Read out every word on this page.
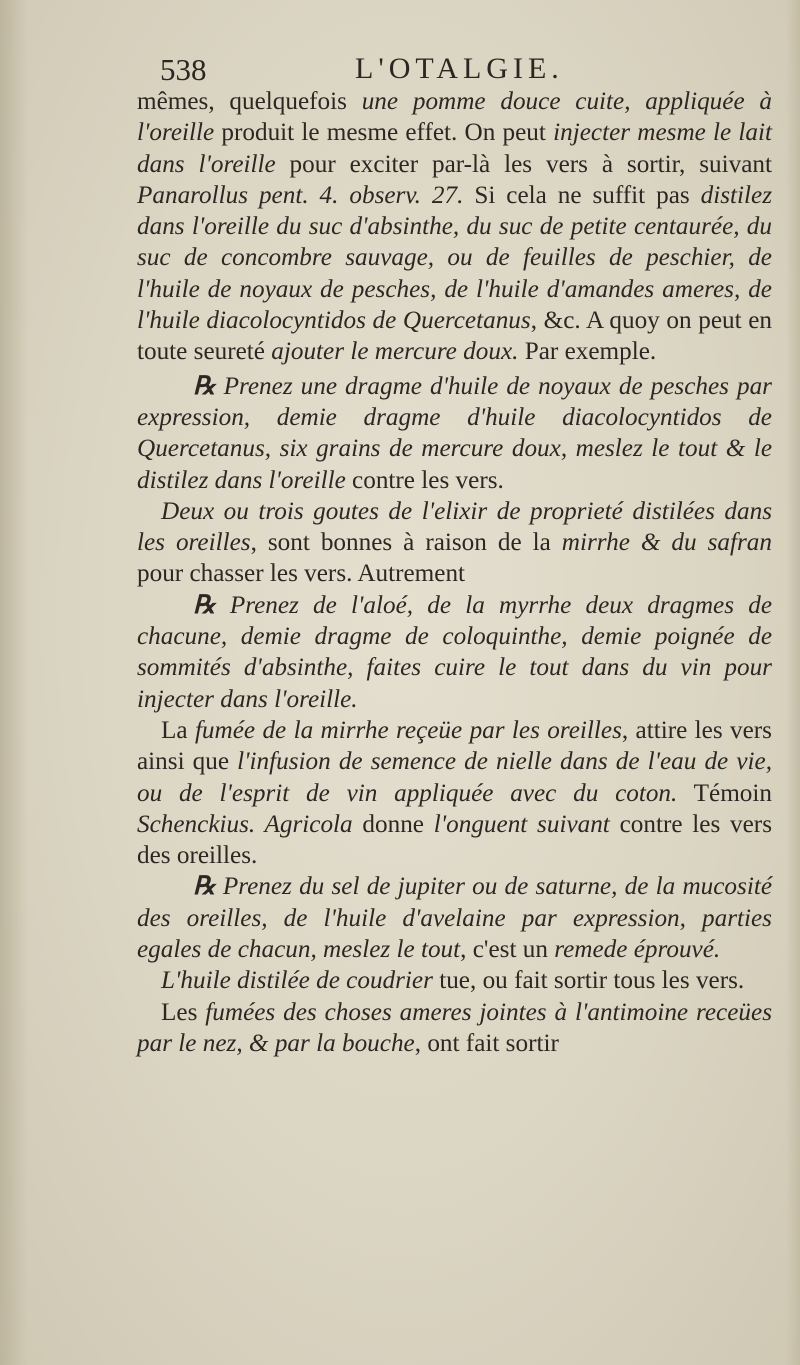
538	L'OTALGIE.

mêmes, quelquefois une pomme douce cuite, appliquée à l'oreille produit le mesme effet. On peut injecter mesme le lait dans l'oreille pour exciter par-là les vers à sortir, suivant Panarollus pent. 4. observ. 27. Si cela ne suffit pas distilez dans l'oreille du suc d'absinthe, du suc de petite centaurée, du suc de concombre sauvage, ou de feuilles de peschier, de l'huile de noyaux de pesches, de l'huile d'amandes ameres, de l'huile diacolocyntidos de Quercetanus, &c. A quoy on peut en toute seureté ajouter le mercure doux. Par exemple.

℞ Prenez une dragme d'huile de noyaux de pesches par expression, demie dragme d'huile diacolocyntidos de Quercetanus, six grains de mercure doux, meslez le tout & le distilez dans l'oreille contre les vers.

Deux ou trois goutes de l'elixir de proprieté distilées dans les oreilles, sont bonnes à raison de la mirrhe & du safran pour chasser les vers. Autrement

℞ Prenez de l'aloé, de la myrrhe deux dragmes de chacune, demie dragme de coloquinthe, demie poignée de sommités d'absinthe, faites cuire le tout dans du vin pour injecter dans l'oreille.

La fumée de la mirrhe reçeüe par les oreilles, attire les vers ainsi que l'infusion de semence de nielle dans de l'eau de vie, ou de l'esprit de vin appliquée avec du coton. Témoin Schenckius. Agricola donne l'onguent suivant contre les vers des oreilles.

℞ Prenez du sel de jupiter ou de saturne, de la mucosité des oreilles, de l'huile d'avelaine par expression, parties egales de chacun, meslez le tout, c'est un remede éprouvé.

L'huile distilée de coudrier tue, ou fait sortir tous les vers.

Les fumées des choses ameres jointes à l'antimoine receües par le nez, & par la bouche, ont fait sortir
